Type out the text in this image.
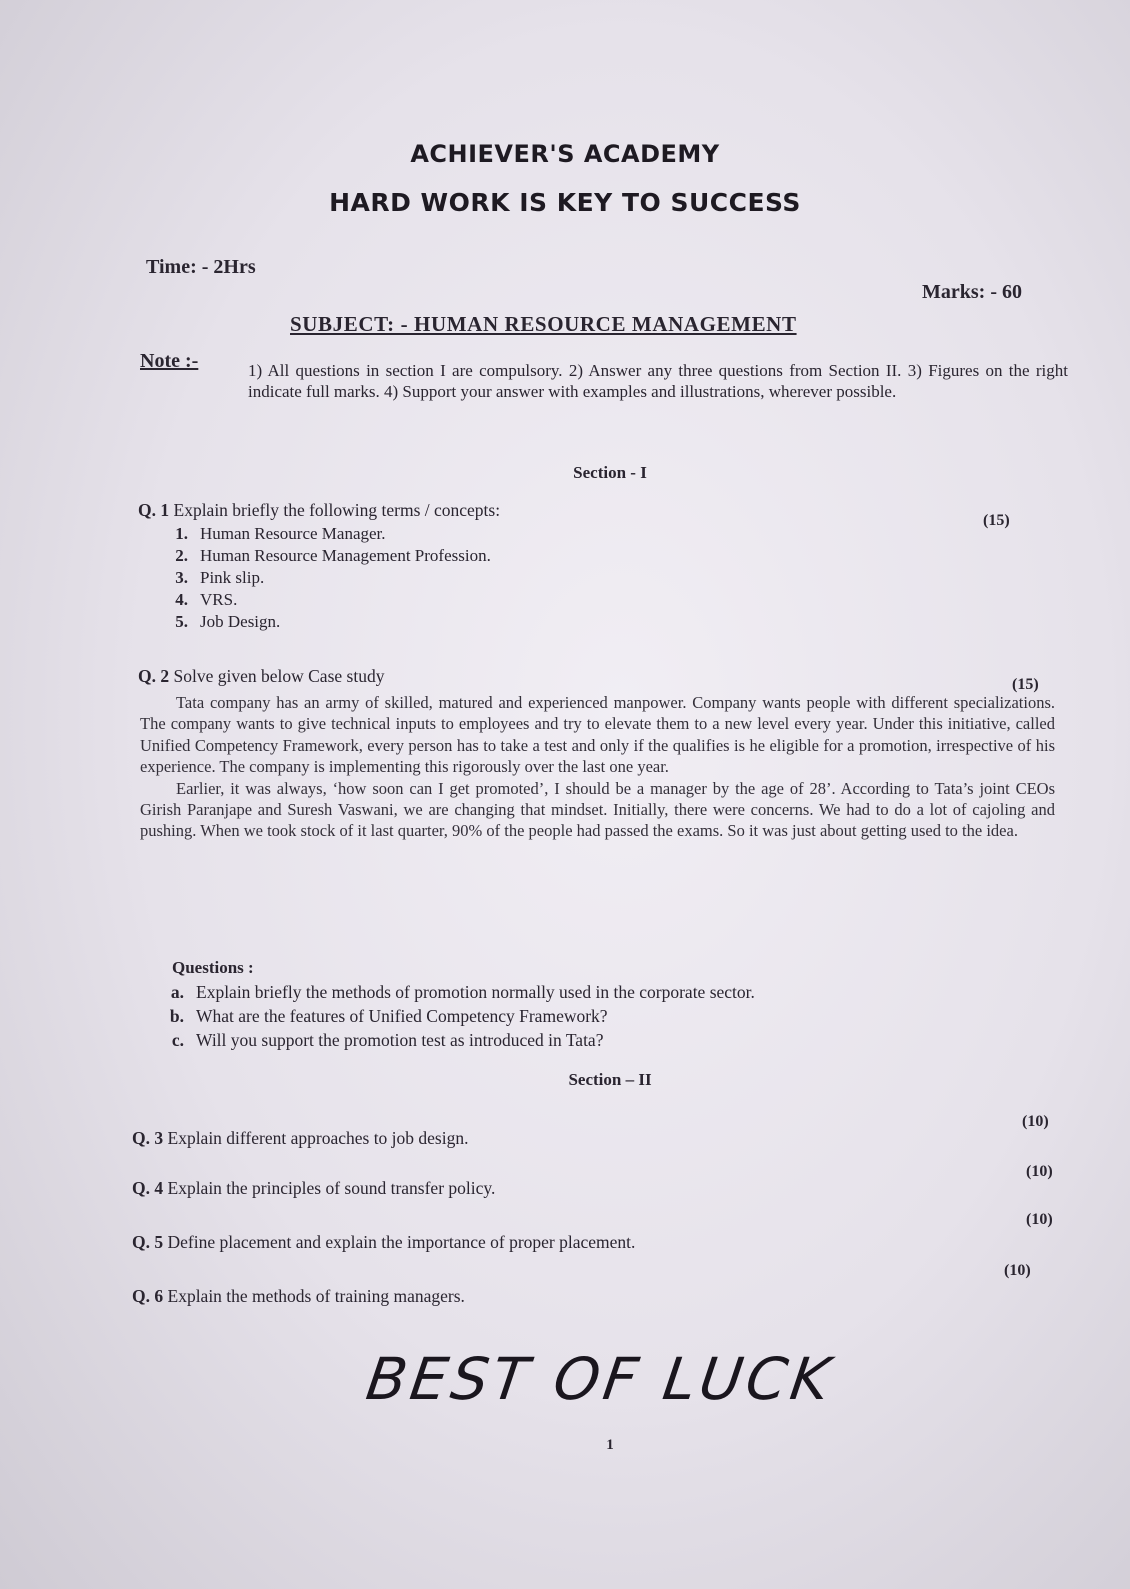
ACHIEVER'S ACADEMY
HARD WORK IS KEY TO SUCCESS
Time: - 2Hrs
Marks: - 60
SUBJECT: - HUMAN RESOURCE MANAGEMENT
Note :-	1) All questions in section I are compulsory. 2) Answer any three questions from Section II. 3) Figures on the right indicate full marks. 4) Support your answer with examples and illustrations, wherever possible.
Section - I
Q. 1 Explain briefly the following terms / concepts:
(15)
1. Human Resource Manager.
2. Human Resource Management Profession.
3. Pink slip.
4. VRS.
5. Job Design.
Q. 2 Solve given below Case study	(15)

Tata company has an army of skilled, matured and experienced manpower. Company wants people with different specializations. The company wants to give technical inputs to employees and try to elevate them to a new level every year. Under this initiative, called Unified Competency Framework, every person has to take a test and only if the qualifies is he eligible for a promotion, irrespective of his experience. The company is implementing this rigorously over the last one year.

Earlier, it was always, ‘how soon can I get promoted’, I should be a manager by the age of 28’. According to Tata’s joint CEOs Girish Paranjape and Suresh Vaswani, we are changing that mindset. Initially, there were concerns. We had to do a lot of cajoling and pushing. When we took stock of it last quarter, 90% of the people had passed the exams. So it was just about getting used to the idea.

Questions :
a. Explain briefly the methods of promotion normally used in the corporate sector.
b. What are the features of Unified Competency Framework?
c. Will you support the promotion test as introduced in Tata?
Section – II
Q. 3 Explain different approaches to job design.
(10)
Q. 4 Explain the principles of sound transfer policy.
(10)
Q. 5 Define placement and explain the importance of proper placement.
(10)
Q. 6 Explain the methods of training managers.
(10)
BEST OF LUCK
1
